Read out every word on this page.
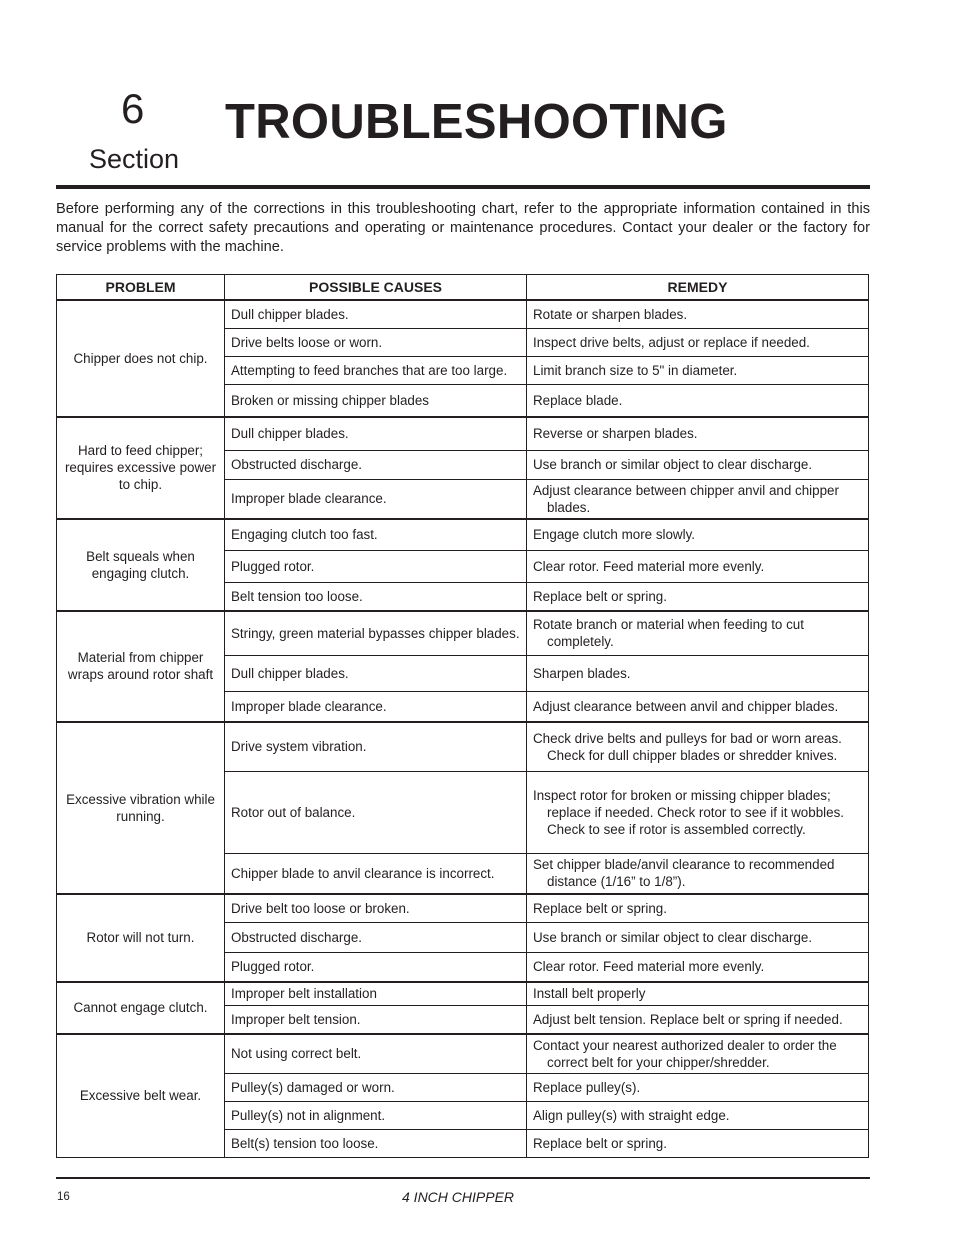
6
Section
TROUBLESHOOTING

Before performing any of the corrections in this troubleshooting chart, refer to the appropriate information contained in this manual for the correct safety precautions and operating or maintenance procedures. Contact your dealer or the factory for service problems with the machine.

PROBLEM	POSSIBLE CAUSES	REMEDY
Chipper does not chip.	Dull chipper blades.	Rotate or sharpen blades.

	Drive belts loose or worn.	Inspect drive belts, adjust or replace if needed.

	Attempting to feed branches that are too large.	Limit branch size to 5" in diameter.

	Broken or missing chipper blades	Replace blade.

Hard to feed chipper; requires excessive power to chip.	Dull chipper blades.	Reverse or sharpen blades.

	Obstructed discharge.	Use branch or similar object to clear discharge.

	Improper blade clearance.	Adjust clearance between chipper anvil and chipper blades.

Belt squeals when engaging clutch.	Engaging clutch too fast.	Engage clutch more slowly.

	Plugged rotor.	Clear rotor. Feed material more evenly.

	Belt tension too loose.	Replace belt or spring.

Material from chipper wraps around rotor shaft	Stringy, green material bypasses chipper blades.	Rotate branch or material when feeding to cut completely.

	Dull chipper blades.	Sharpen blades.

	Improper blade clearance.	Adjust clearance between anvil and chipper blades.

Excessive vibration while running.	Drive system vibration.	Check drive belts and pulleys for bad or worn areas. Check for dull chipper blades or shredder knives.

	Rotor out of balance.	Inspect rotor for broken or missing chipper blades; replace if needed. Check rotor to see if it wobbles. Check to see if rotor is assembled correctly.

	Chipper blade to anvil clearance is incorrect.	Set chipper blade/anvil clearance to recommended distance (1/16” to 1/8”).

Rotor will not turn.	Drive belt too loose or broken.	Replace belt or spring.

	Obstructed discharge.	Use branch or similar object to clear discharge.

	Plugged rotor.	Clear rotor. Feed material more evenly.

Cannot engage clutch.	Improper belt installation	Install belt properly

	Improper belt tension.	Adjust belt tension. Replace belt or spring if needed.

Excessive belt wear.	Not using correct belt.	Contact your nearest authorized dealer to order the correct belt for your chipper/shredder.

	Pulley(s) damaged or worn.	Replace pulley(s).

	Pulley(s) not in alignment.	Align pulley(s) with straight edge.

	Belt(s) tension too loose.	Replace belt or spring.
16	4 INCH CHIPPER
